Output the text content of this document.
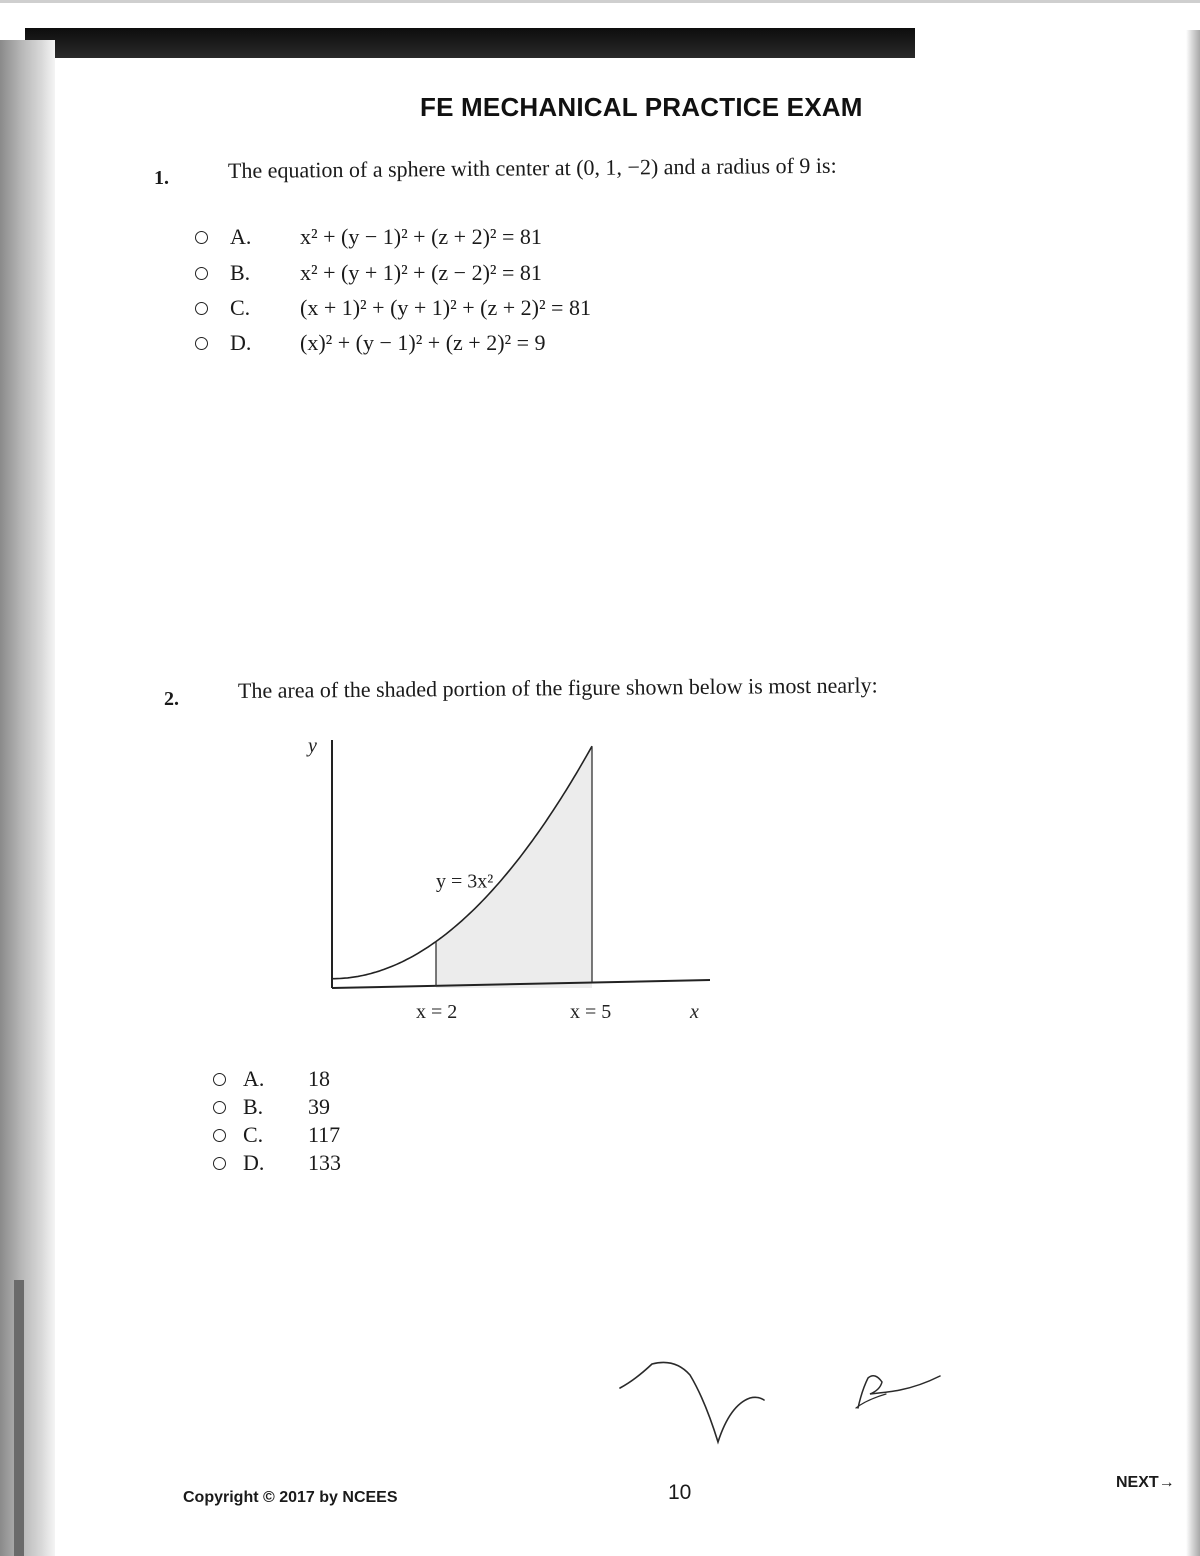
FE MECHANICAL PRACTICE EXAM
1.	The equation of a sphere with center at (0, 1, −2) and a radius of 9 is:
A.	x² + (y − 1)² + (z + 2)² = 81
B.	x² + (y + 1)² + (z − 2)² = 81
C.	(x + 1)² + (y + 1)² + (z + 2)² = 81
D.	(x)² + (y − 1)² + (z + 2)² = 9
2.	The area of the shaded portion of the figure shown below is most nearly:
y
x
y = 3x²
x = 2	x = 5
A.	18
B.	39
C.	117
D.	133
Copyright © 2017 by NCEES	10	NEXT→
